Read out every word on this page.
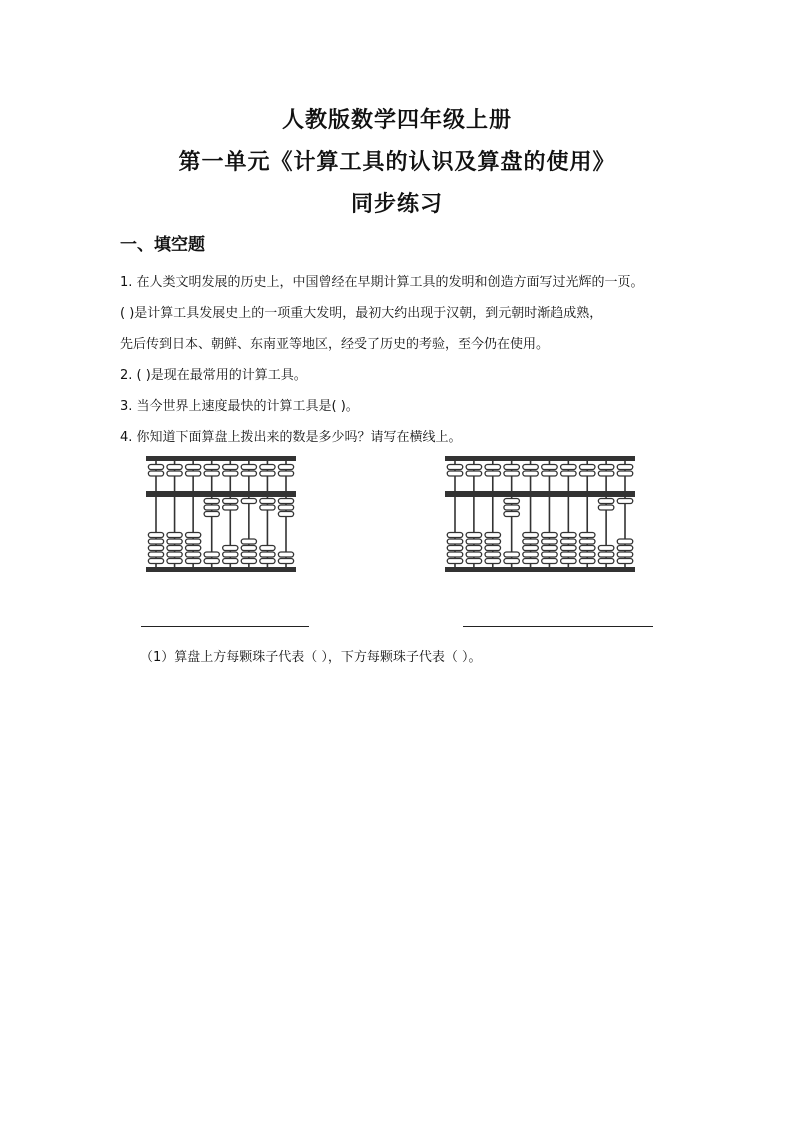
人教版数学四年级上册
第一单元《计算工具的认识及算盘的使用》
同步练习
一、填空题
1. 在人类文明发展的历史上，中国曾经在早期计算工具的发明和创造方面写过光辉的一页。
( )是计算工具发展史上的一项重大发明，最初大约出现于汉朝，到元朝时渐趋成熟，
先后传到日本、朝鲜、东南亚等地区，经受了历史的考验，至今仍在使用。
2. ( )是现在最常用的计算工具。
3. 当今世界上速度最快的计算工具是( )。
4. 你知道下面算盘上拨出来的数是多少吗？请写在横线上。
（1）算盘上方每颗珠子代表（ ），下方每颗珠子代表（ ）。
